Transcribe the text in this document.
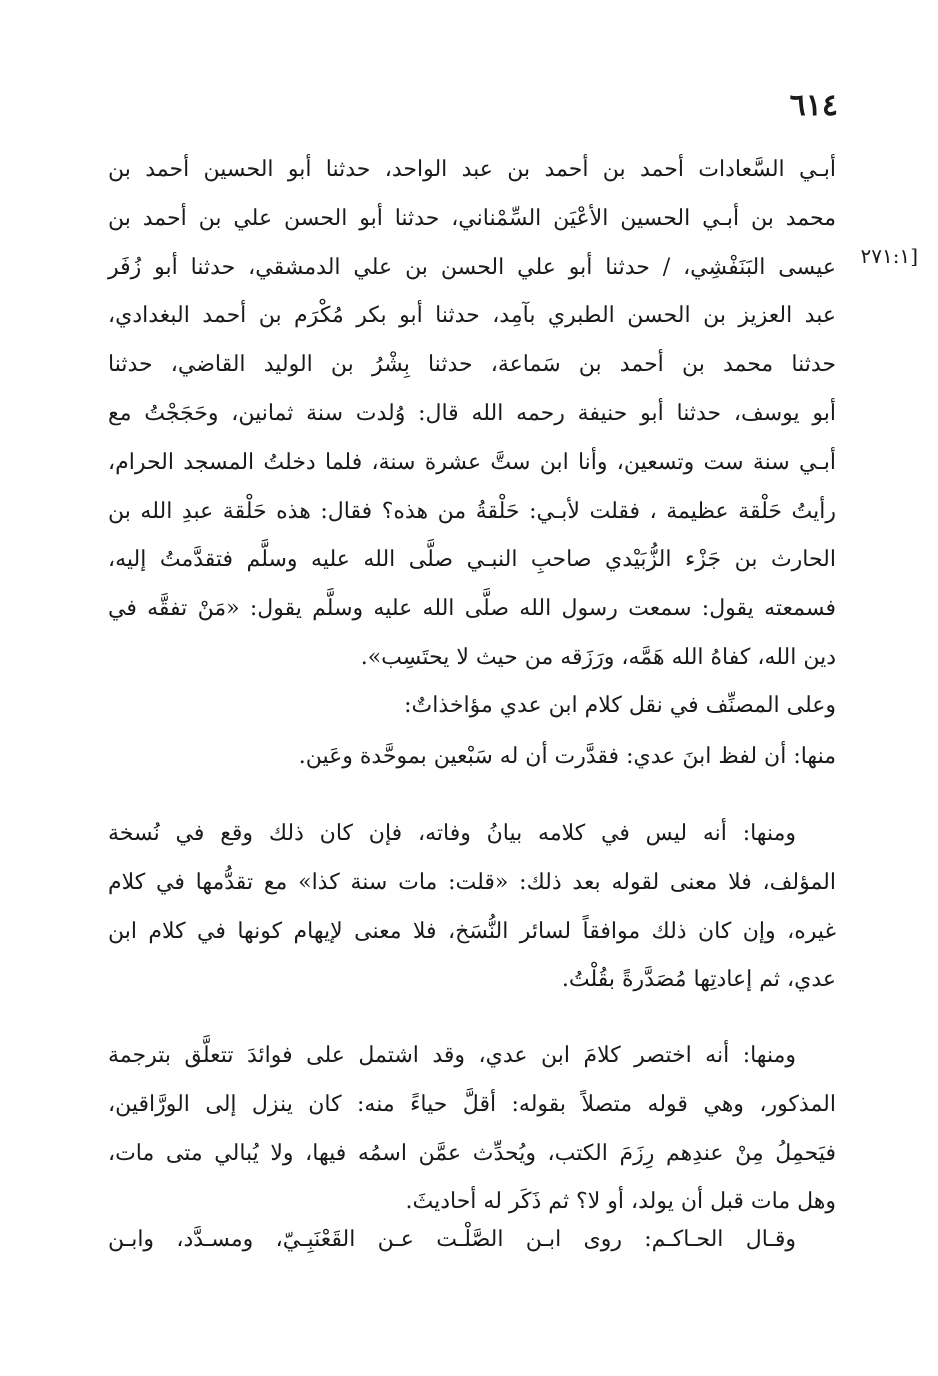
٦١٤
[٢٧١:١

أبـي السَّعادات أحمد بن أحمد بن عبد الواحد، حدثنا أبو الحسين أحمد بن
محمد بن أبـي الحسين الأعْيَن السِّمْناني، حدثنا أبو الحسن علي بن أحمد بن
عيسى البَنَفْشِي، / حدثنا أبو علي الحسن بن علي الدمشقي، حدثنا أبو زُفَر
عبد العزيز بن الحسن الطبري بآمِد، حدثنا أبو بكر مُكْرَم بن أحمد البغدادي،
حدثنا محمد بن أحمد بن سَماعة، حدثنا بِشْرُ بن الوليد القاضي، حدثنا
أبو يوسف، حدثنا أبو حنيفة رحمه الله قال: وُلدت سنة ثمانين، وحَجَجْتُ مع
أبـي سنة ست وتسعين، وأنا ابن ستَّ عشرة سنة، فلما دخلتُ المسجد الحرام،
رأيتُ حَلْقة عظيمة ، فقلت لأبـي: حَلْقةُ من هذه؟ فقال: هذه حَلْقة عبدِ الله بن
الحارث بن جَزْء الزُّبَيْدي صاحبِ النبـي صلَّى الله عليه وسلَّم فتقدَّمتُ إليه،
فسمعته يقول: سمعت رسول الله صلَّى الله عليه وسلَّم يقول: «مَنْ تفقَّه في
دين الله، كفاهُ الله هَمَّه، ورَزَقه من حيث لا يحتَسِب».

وعلى المصنِّف في نقل كلام ابن عدي مؤاخذاتٌ:

منها: أن لفظ ابنَ عدي: فقدَّرت أن له سَبْعين بموحَّدة وعَين.

ومنها: أنه ليس في كلامه بيانُ وفاته، فإن كان ذلك وقع في نُسخة
المؤلف، فلا معنى لقوله بعد ذلك: «قلت: مات سنة كذا» مع تقدُّمها في كلام
غيره، وإن كان ذلك موافقاً لسائر النُّسَخ، فلا معنى لإيهام كونها في كلام ابن
عدي، ثم إعادتِها مُصَدَّرةً بقُلْتُ.

ومنها: أنه اختصر كلامَ ابن عدي، وقد اشتمل على فوائدَ تتعلَّق بترجمة
المذكور، وهي قوله متصلاً بقوله: أقلَّ حياءً منه: كان ينزل إلى الورَّاقين،
فيَحمِلُ مِنْ عندِهم رِزَمَ الكتب، ويُحدِّث عمَّن اسمُه فيها، ولا يُبالي متى مات،
وهل مات قبل أن يولد، أو لا؟ ثم ذَكَر له أحاديثَ.

وقـال الحـاكـم: روى ابـن الصَّلْـت عـن القَعْنَبِـيّ، ومسـدَّد، وابـن
